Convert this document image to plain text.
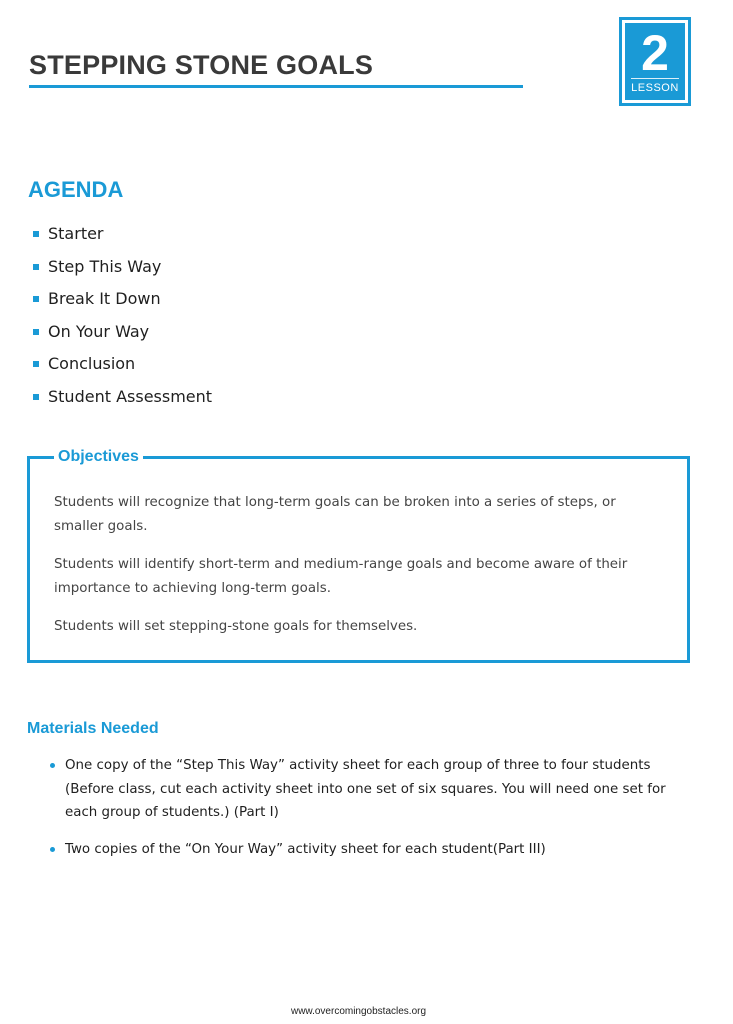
STEPPING STONE GOALS	2
LESSON
AGENDA
Starter
Step This Way
Break It Down
On Your Way
Conclusion
Student Assessment
Objectives

Students will recognize that long-term goals can be broken into a series of steps, or smaller goals.

Students will identify short-term and medium-range goals and become aware of their importance to achieving long-term goals.

Students will set stepping-stone goals for themselves.

Materials Needed
One copy of the “Step This Way” activity sheet for each group of three to four students (Before class, cut each activity sheet into one set of six squares. You will need one set for each group of students.) (Part I)
Two copies of the “On Your Way” activity sheet for each student(Part III)
www.overcomingobstacles.org
